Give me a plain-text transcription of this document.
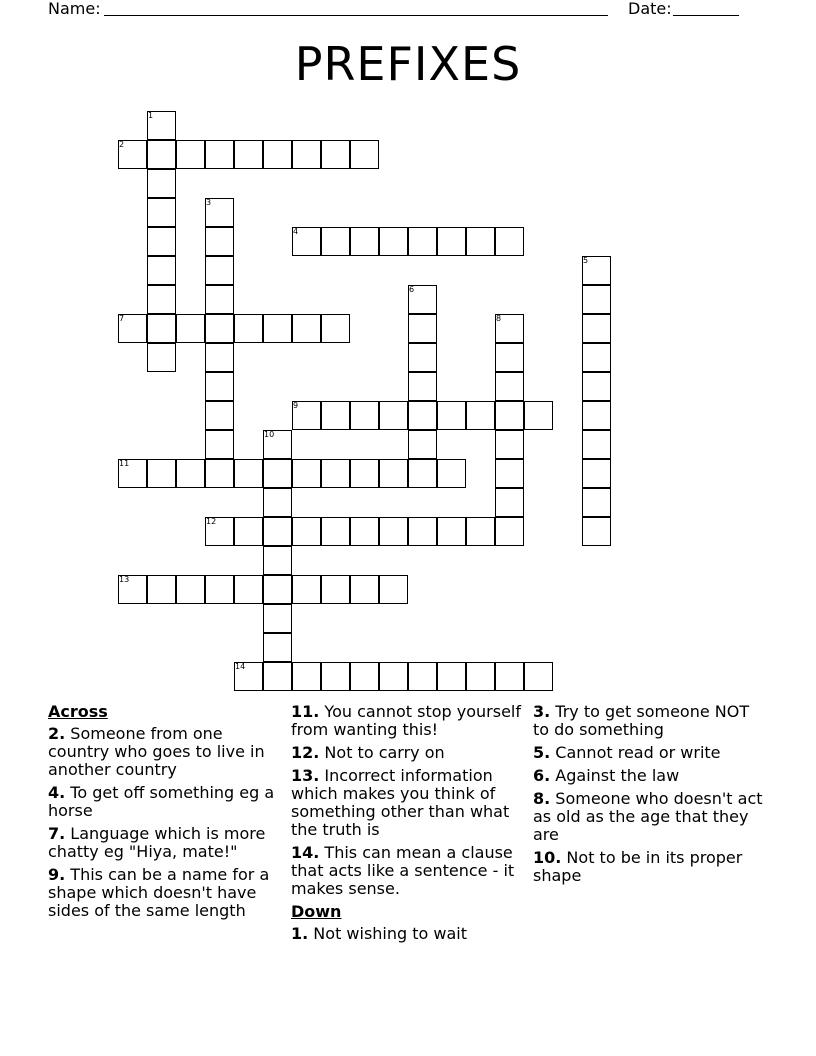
Name:	Date:
PREFIXES
1
2
3
4
5
6
7	8
9
10
11
12
13
14
Across
2. Someone from one country who goes to live in another country
4. To get off something eg a horse
7. Language which is more chatty eg "Hiya, mate!"
9. This can be a name for a shape which doesn't have sides of the same length
11. You cannot stop yourself from wanting this!
12. Not to carry on
13. Incorrect information which makes you think of something other than what the truth is
14. This can mean a clause that acts like a sentence - it makes sense.
Down
1. Not wishing to wait
3. Try to get someone NOT to do something
5. Cannot read or write
6. Against the law
8. Someone who doesn't act as old as the age that they are
10. Not to be in its proper shape
